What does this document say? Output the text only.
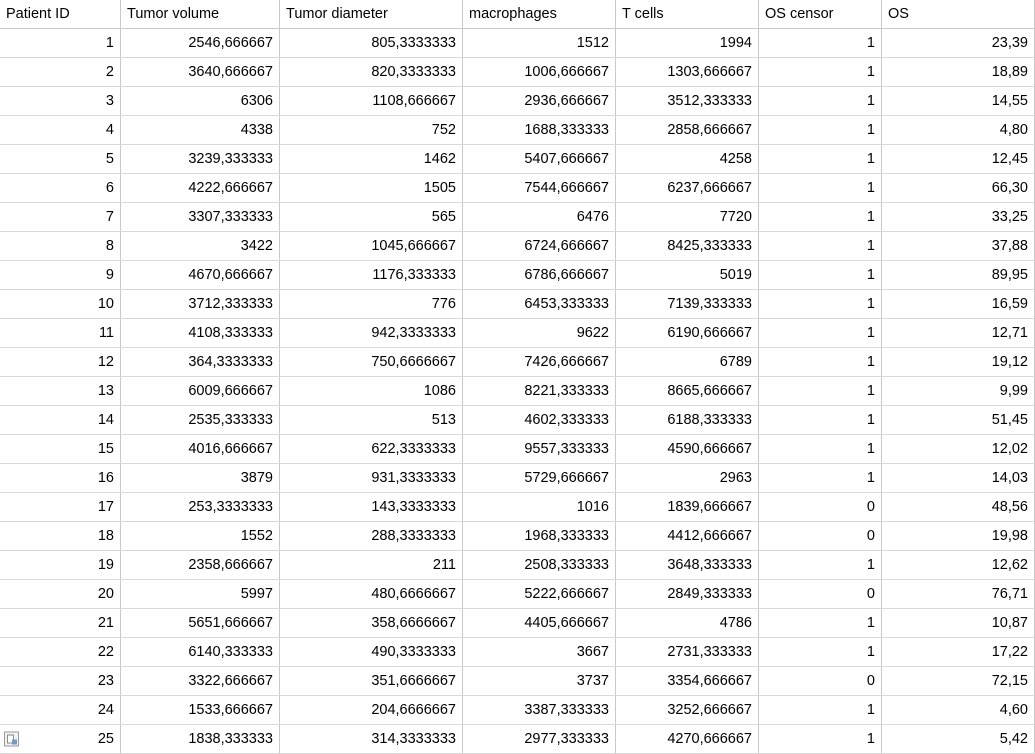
Patient ID	Tumor volume	Tumor diameter	macrophages	T cells	OS censor	OS
1	2546,666667	805,3333333	1512	1994	1	23,39
2	3640,666667	820,3333333	1006,666667	1303,666667	1	18,89
3	6306	1108,666667	2936,666667	3512,333333	1	14,55
4	4338	752	1688,333333	2858,666667	1	4,80
5	3239,333333	1462	5407,666667	4258	1	12,45
6	4222,666667	1505	7544,666667	6237,666667	1	66,30
7	3307,333333	565	6476	7720	1	33,25
8	3422	1045,666667	6724,666667	8425,333333	1	37,88
9	4670,666667	1176,333333	6786,666667	5019	1	89,95
10	3712,333333	776	6453,333333	7139,333333	1	16,59
11	4108,333333	942,3333333	9622	6190,666667	1	12,71
12	364,3333333	750,6666667	7426,666667	6789	1	19,12
13	6009,666667	1086	8221,333333	8665,666667	1	9,99
14	2535,333333	513	4602,333333	6188,333333	1	51,45
15	4016,666667	622,3333333	9557,333333	4590,666667	1	12,02
16	3879	931,3333333	5729,666667	2963	1	14,03
17	253,3333333	143,3333333	1016	1839,666667	0	48,56
18	1552	288,3333333	1968,333333	4412,666667	0	19,98
19	2358,666667	211	2508,333333	3648,333333	1	12,62
20	5997	480,6666667	5222,666667	2849,333333	0	76,71
21	5651,666667	358,6666667	4405,666667	4786	1	10,87
22	6140,333333	490,3333333	3667	2731,333333	1	17,22
23	3322,666667	351,6666667	3737	3354,666667	0	72,15
24	1533,666667	204,6666667	3387,333333	3252,666667	1	4,60
25	1838,333333	314,3333333	2977,333333	4270,666667	1	5,42
